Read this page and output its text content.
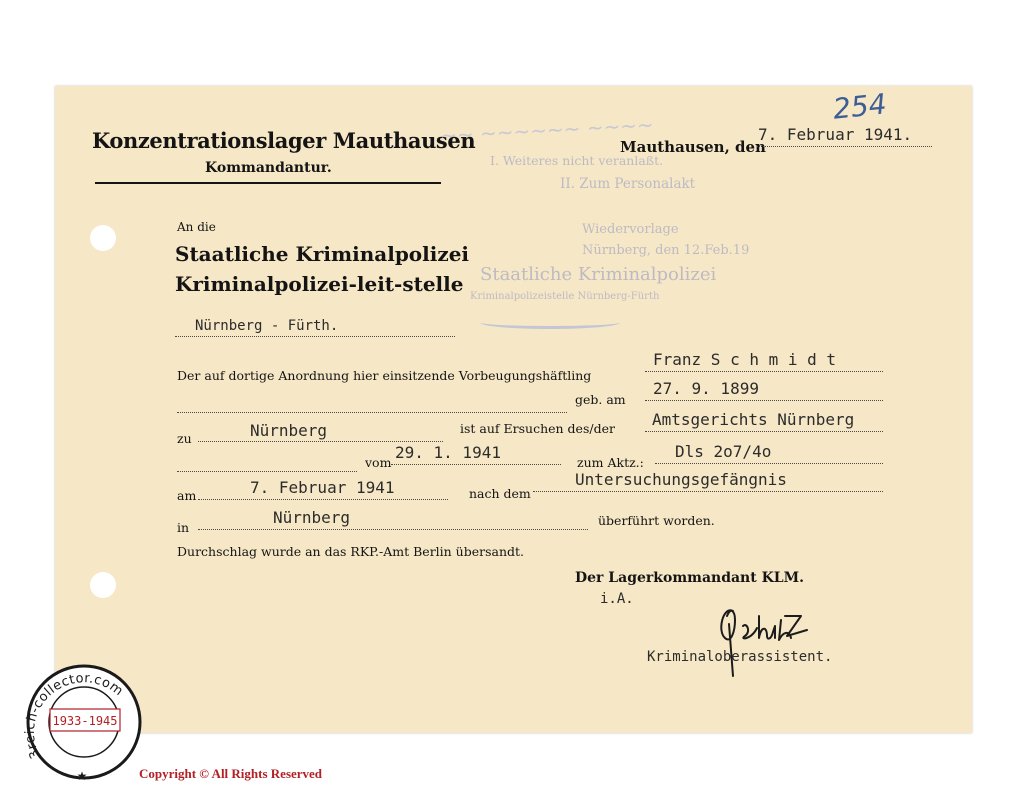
254
Konzentrationslager Mauthausen
Kommandantur.
Mauthausen, den
7. Februar 1941.
~~ ~~~~~~ ~~~~
I. Weiteres nicht veranlaßt.
II. Zum Personalakt
Wiedervorlage
Nürnberg, den 12.Feb.19
Staatliche Kriminalpolizei
Kriminalpolizeistelle Nürnberg-Fürth
An die
Staatliche Kriminalpolizei
Kriminalpolizei-leit-stelle
Nürnberg - Fürth.
Der auf dortige Anordnung hier einsitzende Vorbeugungshäftling
Franz S c h m i d t
geb. am
27. 9. 1899
zu	Nürnberg	ist auf Ersuchen des/der Amtsgerichts Nürnberg
vom
29. 1. 1941
zum Aktz.:
Dls 2o7/4o
am	7. Februar 1941	nach dem
Untersuchungsgefängnis
in
Nürnberg	überführt worden.
Durchschlag wurde an das RKP.-Amt Berlin übersandt.
Der Lagerkommandant KLM.
i.A.
Kriminaloberassistent.
3reich-collector.com
1933-1945
★	Copyright © All Rights Reserved
